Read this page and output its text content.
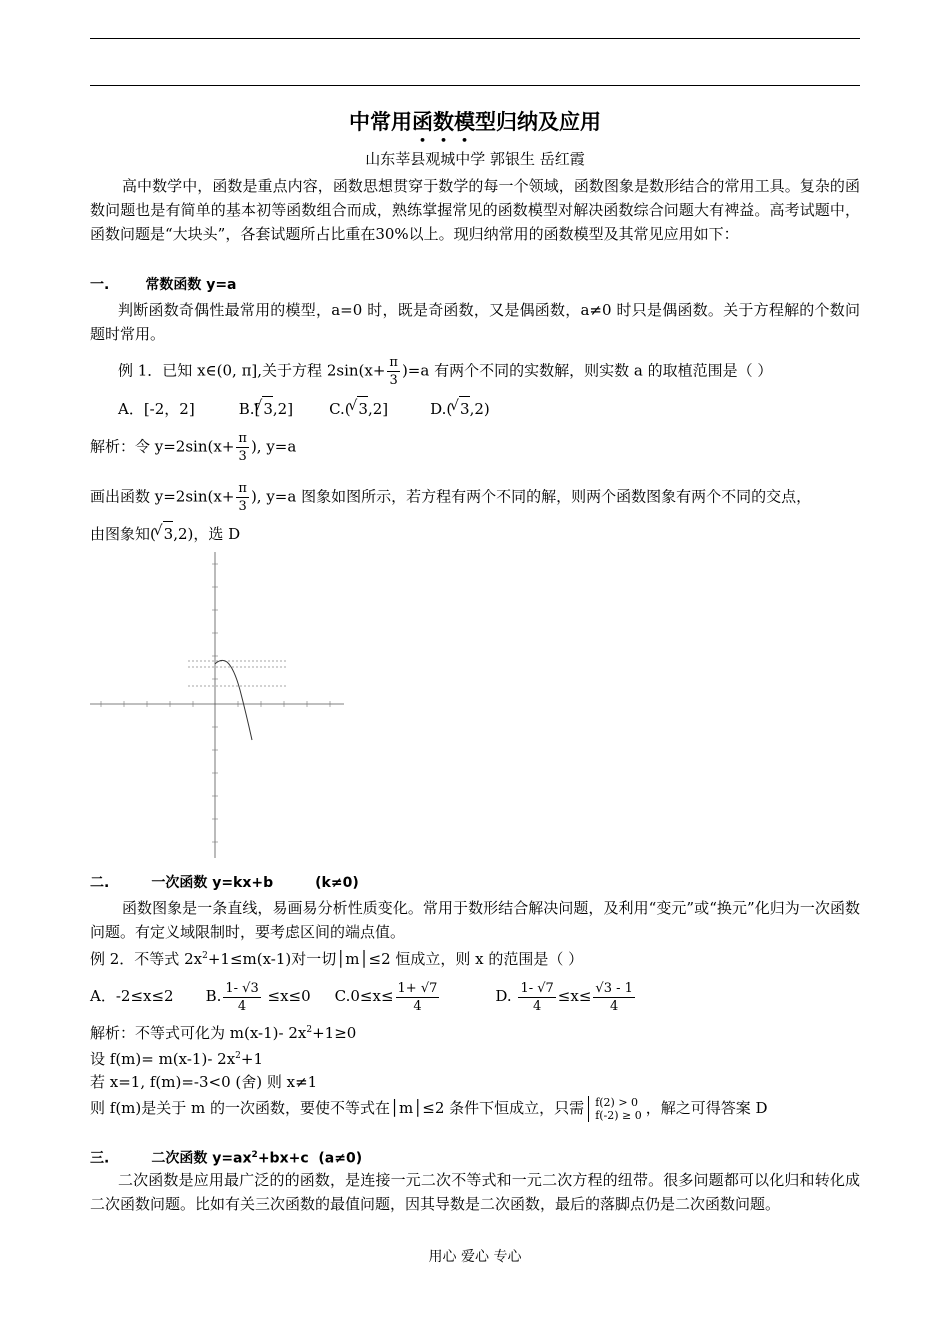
中常用函数模型归纳及应用
山东莘县观城中学 郭银生 岳红霞
高中数学中，函数是重点内容，函数思想贯穿于数学的每一个领域，函数图象是数形结合的常用工具。复杂的函数问题也是有简单的基本初等函数组合而成，熟练掌握常见的函数模型对解决函数综合问题大有裨益。高考试题中，函数问题是“大块头”，各套试题所占比重在30%以上。现归纳常用的函数模型及其常见应用如下：
一.	常数函数 y=a
判断函数奇偶性最常用的模型，a=0 时，既是奇函数，又是偶函数，a≠0 时只是偶函数。关于方程解的个数问题时常用。
例 1．已知 x∈(0, π],关于方程 $2\sin(x+ \frac{\pi}{3} )=a$ 有两个不同的实数解，则实数 a 的取植范围是（ ）
A．[-2，2]	B.[ √ 3,2] C.( √ 3,2]	D.( √ 3,2)
解析：令 $y=2\sin(x+ \frac{\pi}{3}$ ), y=a
画出函数 $y=2\sin(x+ \frac{\pi}{3}$ ), y=a 图象如图所示，若方程有两个不同的解，则两个函数图象有两个不同的交点，
由图象知( √ 3,2)，选 D
二.	一次函数 y=kx+b	(k≠0)
函数图象是一条直线，易画易分析性质变化。常用于数形结合解决问题，及利用“变元”或“换元”化归为一次函数问题。有定义域限制时，要考虑区间的端点值。
例 2．不等式 $2x^2+1\le m(x-1)$对一切│m│≤2 恒成立，则 x 的范围是（ ）
A．-2≤x≤2 B. $\frac{1- √3}{4} \le x\le 0$ $C.0\le x\le \frac{1+ √7}{4}$	D. $\frac{1- √7}{4} \le x\le \frac{√3 - 1}{4}$
解析：不等式可化为 m(x-1)- $2x^2+1\ge 0$
设 f(m)= m(x-1)- $2x^2+1$
若 x=1, f(m)=-3<0 (舍) 则 x≠1
则 f(m)是关于 m 的一次函数，要使不等式在│m│≤2 条件下恒成立，只需 f(2) > 0
f(-2) ≥ 0 ，解之可得答案 D
三.	二次函数 $y=ax^2+bx+c$ (a≠0)
二次函数是应用最广泛的的函数，是连接一元二次不等式和一元二次方程的纽带。很多问题都可以化归和转化成二次函数问题。比如有关三次函数的最值问题，因其导数是二次函数，最后的落脚点仍是二次函数问题。
用心 爱心 专心
